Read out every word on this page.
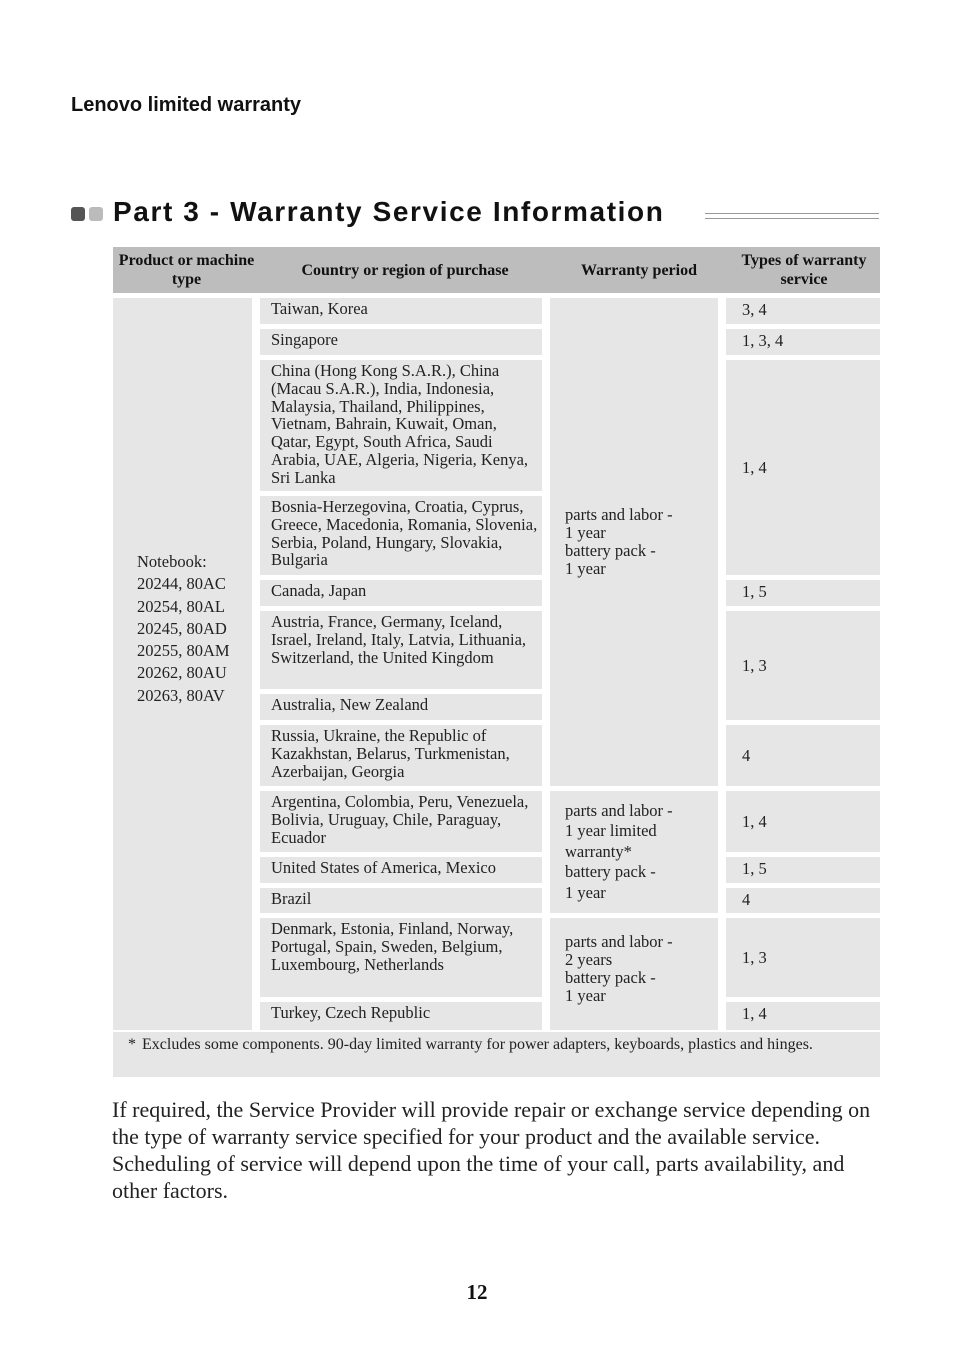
Lenovo limited warranty
Part 3 - Warranty Service Information
Product or machine type
Country or region of purchase	Warranty period
Types of warranty service
Notebook:
20244, 80AC
20254, 80AL
20245, 80AD
20255, 80AM
20262, 80AU
20263, 80AV
Taiwan, Korea
Singapore
China (Hong Kong S.A.R.), China (Macau S.A.R.), India, Indonesia, Malaysia, Thailand, Philippines, Vietnam, Bahrain, Kuwait, Oman, Qatar, Egypt, South Africa, Saudi Arabia, UAE, Algeria, Nigeria, Kenya, Sri Lanka
Bosnia-Herzegovina, Croatia, Cyprus, Greece, Macedonia, Romania, Slovenia, Serbia, Poland, Hungary, Slovakia, Bulgaria
Canada, Japan
Austria, France, Germany, Iceland, Israel, Ireland, Italy, Latvia, Lithuania, Switzerland, the United Kingdom
Australia, New Zealand
Russia, Ukraine, the Republic of Kazakhstan, Belarus, Turkmenistan, Azerbaijan, Georgia
Argentina, Colombia, Peru, Venezuela, Bolivia, Uruguay, Chile, Paraguay, Ecuador
United States of America, Mexico
Brazil
Denmark, Estonia, Finland, Norway, Portugal, Spain, Sweden, Belgium, Luxembourg, Netherlands
Turkey, Czech Republic
parts and labor -
1 year
battery pack -
1 year
parts and labor -
1 year limited
warranty*
battery pack -
1 year
parts and labor -
2 years
battery pack -
1 year
3, 4
1, 3, 4
1, 4
1, 5
1, 3
4
1, 4
1, 5
4
1, 3
1, 4
* Excludes some components. 90-day limited warranty for power adapters, keyboards, plastics and hinges.
If required, the Service Provider will provide repair or exchange service depending on the type of warranty service specified for your product and the available service. Scheduling of service will depend upon the time of your call, parts availability, and other factors.
12
